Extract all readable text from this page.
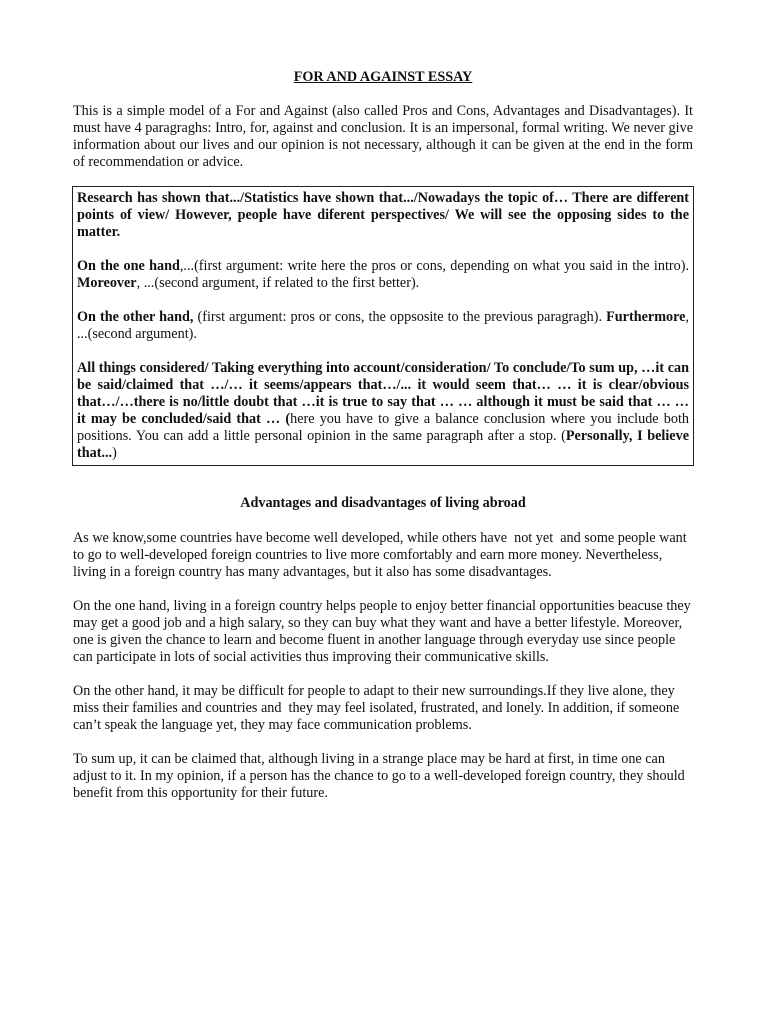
FOR AND AGAINST ESSAY

This is a simple model of a For and Against (also called Pros and Cons, Advantages and Disadvantages). It must have 4 paragraghs: Intro, for, against and conclusion. It is an impersonal, formal writing. We never give information about our lives and our opinion is not necessary, although it can be given at the end in the form of recommendation or advice.

Research has shown that.../Statistics have shown that.../Nowadays the topic of… There are different points of view/ However, people have diferent perspectives/ We will see the opposing sides to the matter.

On the one hand,...(first argument: write here the pros or cons, depending on what you said in the intro). Moreover, ...(second argument, if related to the first better).

On the other hand, (first argument: pros or cons, the oppsosite to the previous paragragh). Furthermore, ...(second argument).

All things considered/ Taking everything into account/consideration/ To conclude/To sum up, …it can be said/claimed that …/… it seems/appears that…/... it would seem that… … it is clear/obvious that…/…there is no/little doubt that …it is true to say that … … although it must be said that … … it may be concluded/said that … (here you have to give a balance conclusion where you include both positions. You can add a little personal opinion in the same paragraph after a stop. (Personally, I believe that...)

Advantages and disadvantages of living abroad

As we know,some countries have become well developed, while others have  not yet  and some people want to go to well-developed foreign countries to live more comfortably and earn more money. Nevertheless, living in a foreign country has many advantages, but it also has some disadvantages.

On the one hand, living in a foreign country helps people to enjoy better financial opportunities beacuse they may get a good job and a high salary, so they can buy what they want and have a better lifestyle. Moreover, one is given the chance to learn and become fluent in another language through everyday use since people can participate in lots of social activities thus improving their communicative skills.

On the other hand, it may be difficult for people to adapt to their new surroundings.If they live alone, they miss their families and countries and  they may feel isolated, frustrated, and lonely. In addition, if someone can’t speak the language yet, they may face communication problems.

To sum up, it can be claimed that, although living in a strange place may be hard at first, in time one can adjust to it. In my opinion, if a person has the chance to go to a well-developed foreign country, they should benefit from this opportunity for their future.
